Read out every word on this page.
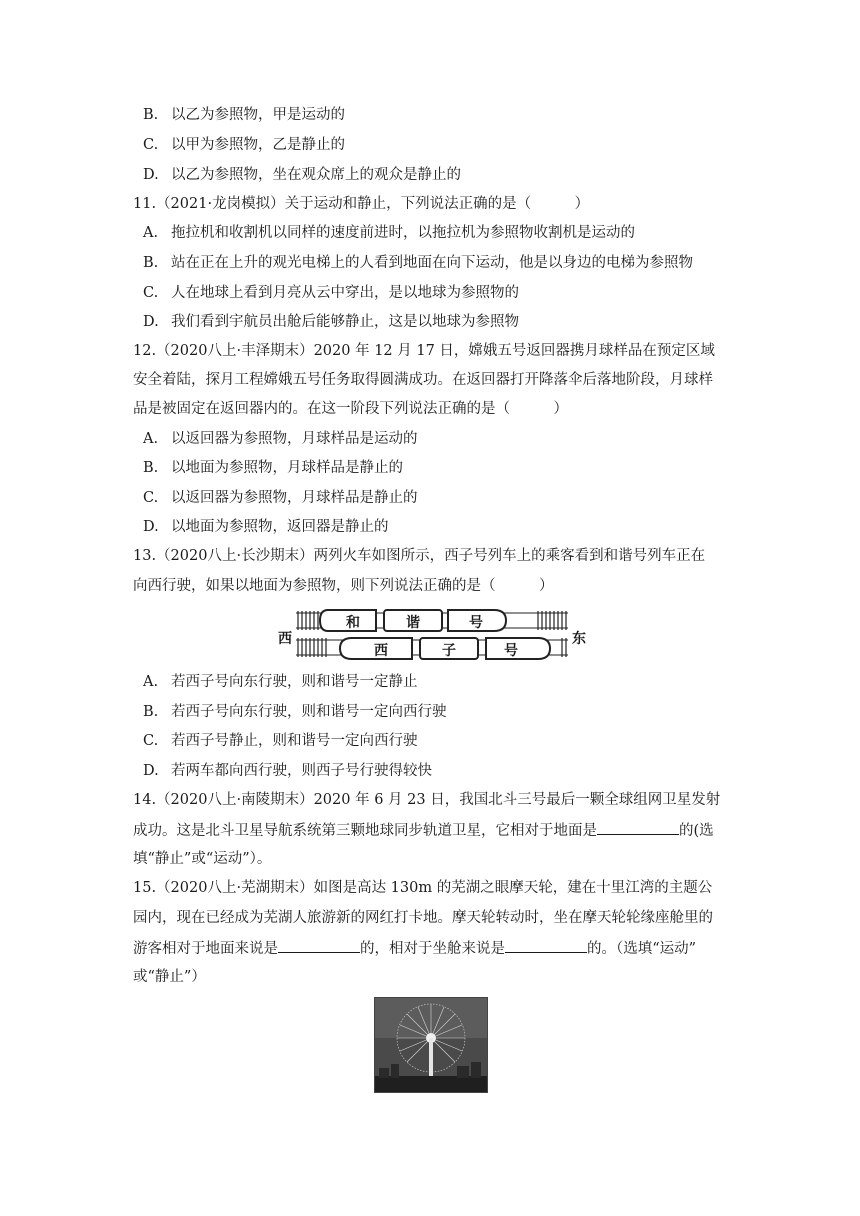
B. 以乙为参照物，甲是运动的
C. 以甲为参照物，乙是静止的
D. 以乙为参照物，坐在观众席上的观众是静止的
11.（2021·龙岗模拟）关于运动和静止，下列说法正确的是（　　　）
A. 拖拉机和收割机以同样的速度前进时，以拖拉机为参照物收割机是运动的
B. 站在正在上升的观光电梯上的人看到地面在向下运动，他是以身边的电梯为参照物
C. 人在地球上看到月亮从云中穿出，是以地球为参照物的
D. 我们看到宇航员出舱后能够静止，这是以地球为参照物
12.（2020八上·丰泽期末）2020 年 12 月 17 日，嫦娥五号返回器携月球样品在预定区域
安全着陆，探月工程嫦娥五号任务取得圆满成功。在返回器打开降落伞后落地阶段，月球样
品是被固定在返回器内的。在这一阶段下列说法正确的是（　　　）
A. 以返回器为参照物，月球样品是运动的
B. 以地面为参照物，月球样品是静止的
C. 以返回器为参照物，月球样品是静止的
D. 以地面为参照物，返回器是静止的
13.（2020八上·长沙期末）两列火车如图所示，西子号列车上的乘客看到和谐号列车正在
向西行驶，如果以地面为参照物，则下列说法正确的是（　　　）
西	东
和	谐	号
西	子	号
A. 若西子号向东行驶，则和谐号一定静止
B. 若西子号向东行驶，则和谐号一定向西行驶
C. 若西子号静止，则和谐号一定向西行驶
D. 若两车都向西行驶，则西子号行驶得较快
14.（2020八上·南陵期末）2020 年 6 月 23 日，我国北斗三号最后一颗全球组网卫星发射
成功。这是北斗卫星导航系统第三颗地球同步轨道卫星，它相对于地面是	的(选
填“静止”或“运动”）。
15.（2020八上·芜湖期末）如图是高达 130m 的芜湖之眼摩天轮，建在十里江湾的主题公
园内，现在已经成为芜湖人旅游新的网红打卡地。摩天轮转动时，坐在摩天轮轮缘座舱里的
游客相对于地面来说是	的，相对于坐舱来说是	的。（选填“运动”
或“静止”）
